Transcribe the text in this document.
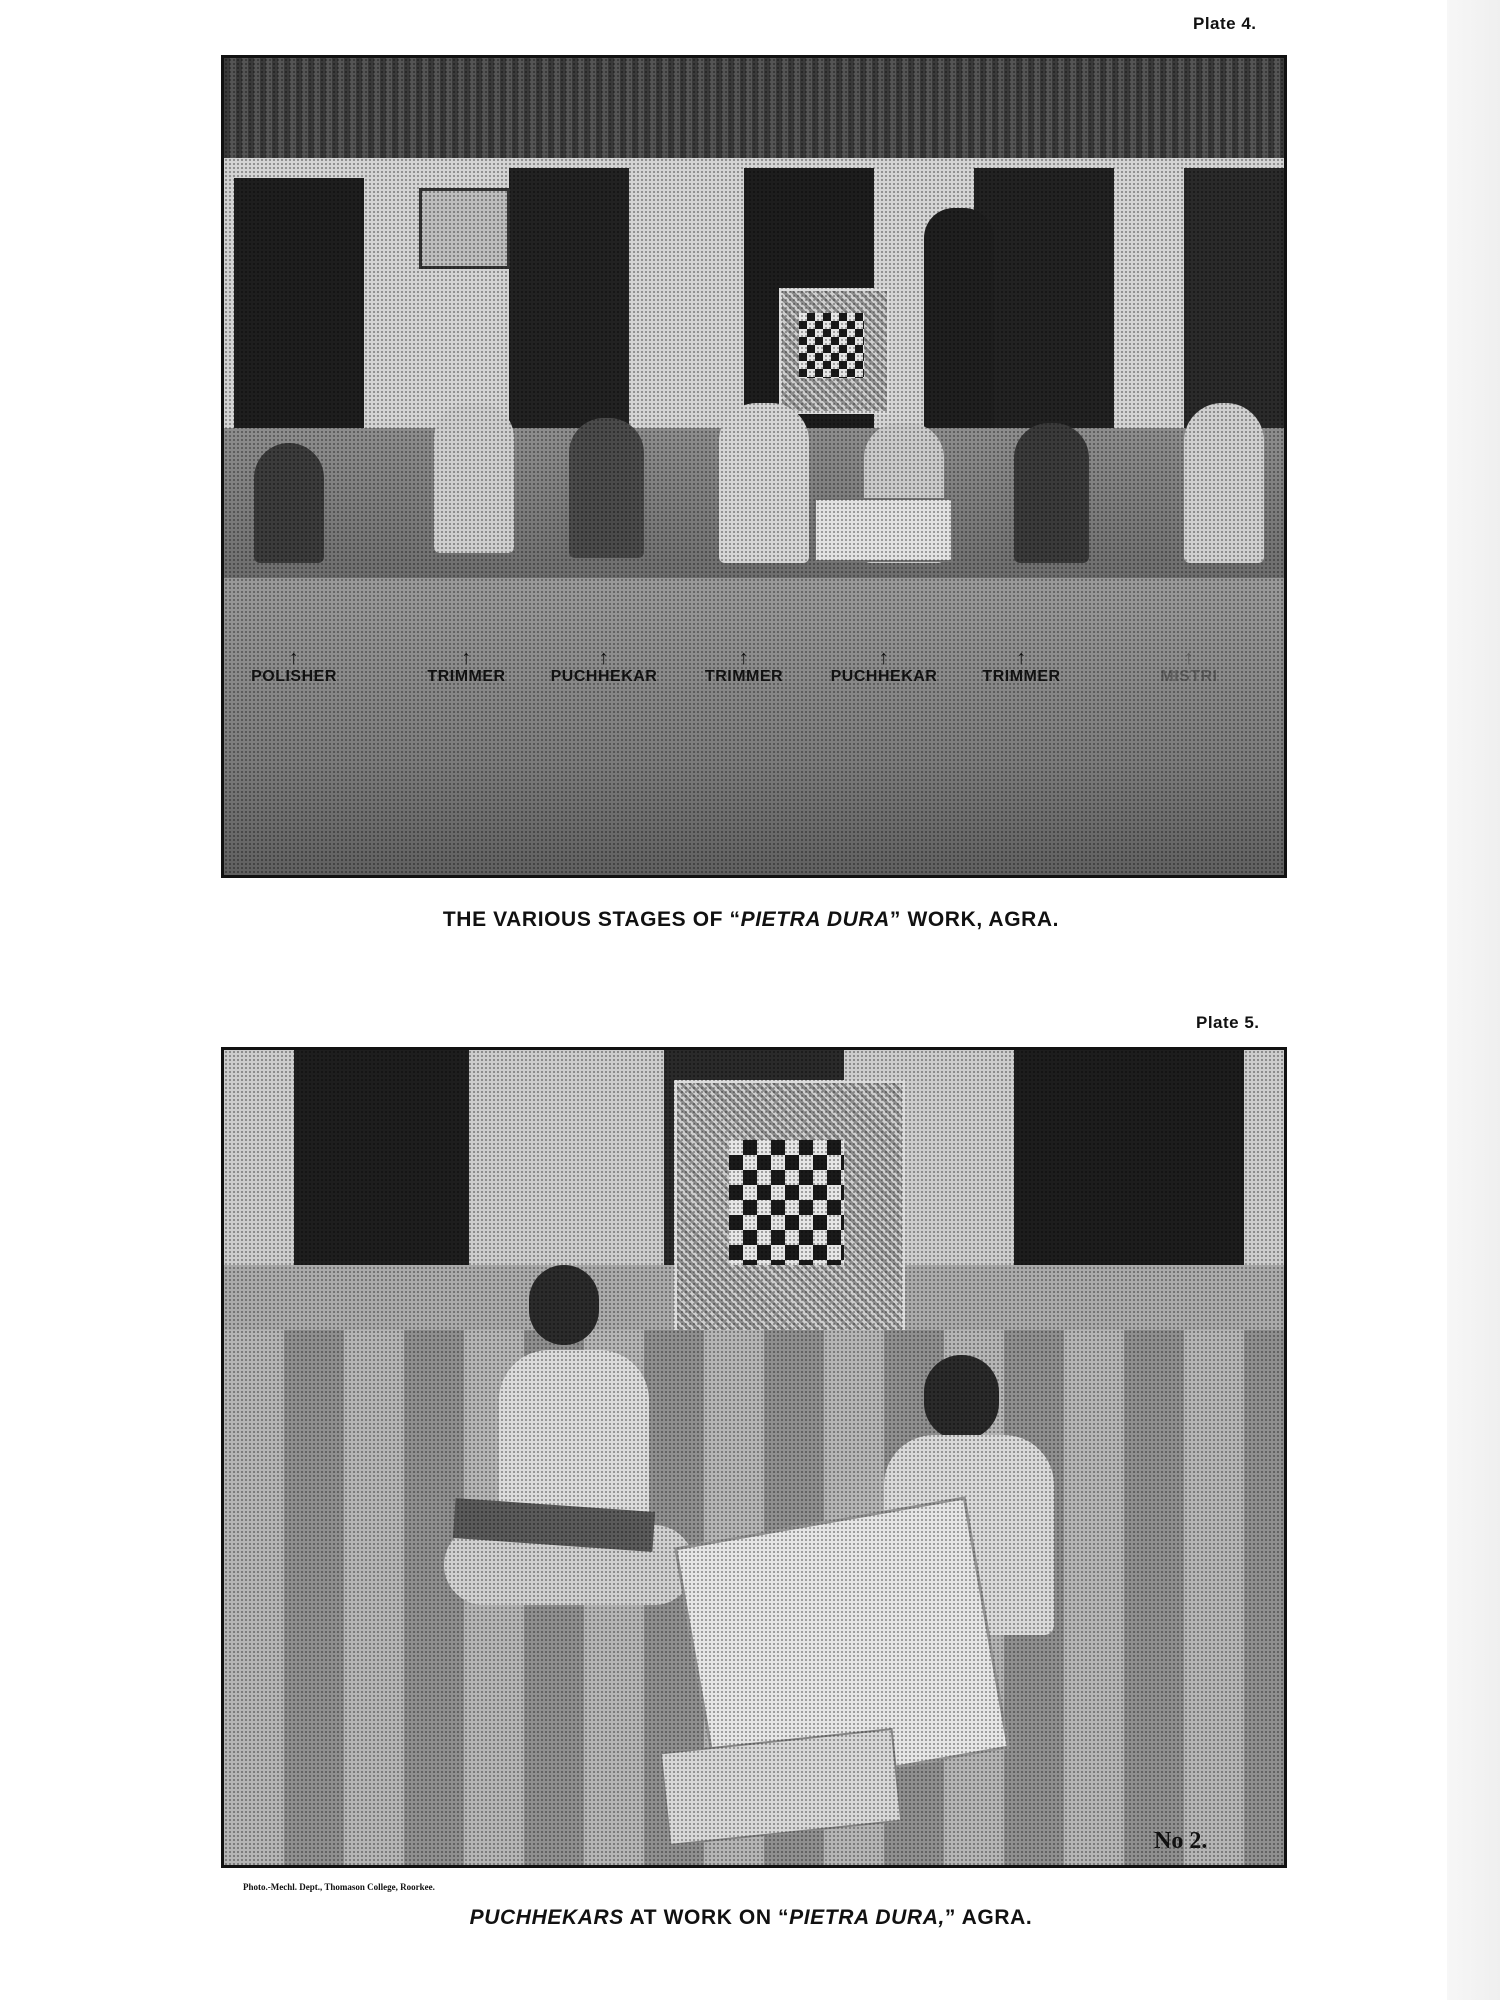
Plate 4.
↑
POLISHER
↑
TRIMMER
↑
PUCHHEKAR
↑
TRIMMER
↑
PUCHHEKAR
↑
TRIMMER
↑
MISTRI
THE VARIOUS STAGES OF “PIETRA DURA” WORK, AGRA.
Plate 5.
No 2.
Photo.-Mechl. Dept., Thomason College, Roorkee.
PUCHHEKARS AT WORK ON “PIETRA DURA,” AGRA.
